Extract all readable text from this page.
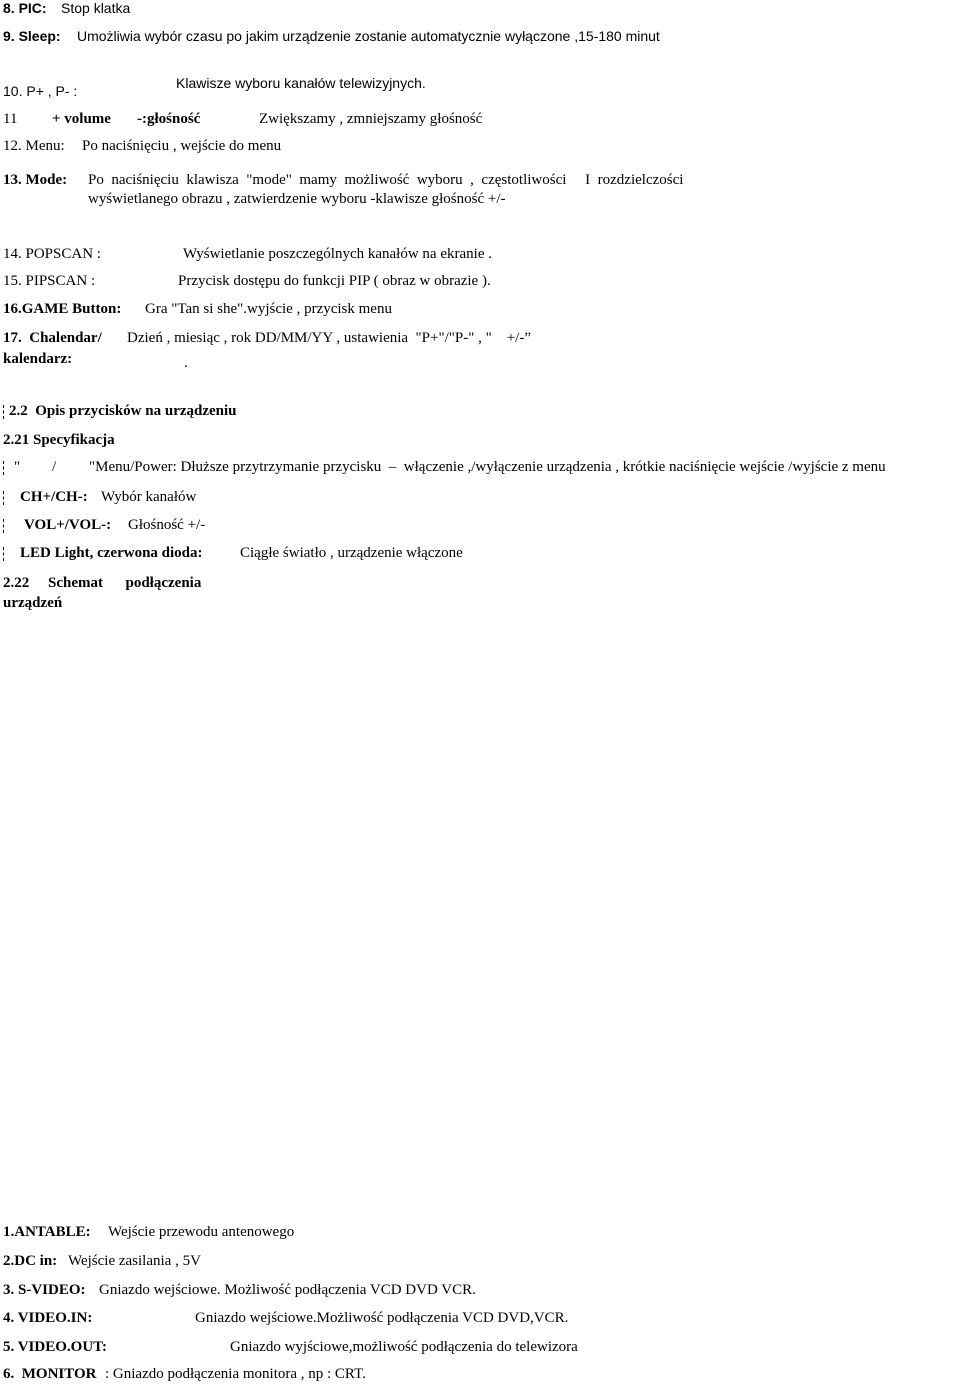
8. PIC: Stop klatka
9. Sleep: Umożliwia wybór czasu po jakim urządzenie zostanie automatycznie wyłączone ,15-180 minut
10. P+ , P- :	Klawisze wyboru kanałów telewizyjnych.
11 + volume -:głośność	Zwiększamy , zmniejszamy głośność
12. Menu: Po naciśnięciu , wejście do menu
13. Mode: Po  naciśnięciu  klawisza  "mode"  mamy  możliwość  wyboru  ,  częstotliwości     I  rozdzielczości
wyświetlanego obrazu , zatwierdzenie wyboru -klawisze głośność +/-
14. POPSCAN :	Wyświetlanie poszczególnych kanałów na ekranie .
15. PIPSCAN :	Przycisk dostępu do funkcji PIP ( obraz w obrazie ).
16.GAME Button: Gra "Tan si she".wyjście , przycisk menu
17.  Chalendar/
kalendarz:
Dzień , miesiąc , rok DD/MM/YY , ustawienia  "P+"/"P-" , "    +/-”
.
2.2  Opis przycisków na urządzeniu
2.21 Specyfikacja
" / "Menu/Power: Dłuższe przytrzymanie przycisku  –  włączenie ,/wyłączenie urządzenia , krótkie naciśnięcie wejście /wyjście z menu
CH+/CH-: Wybór kanałów
VOL+/VOL-: Głośność +/-
LED Light, czerwona dioda: Ciągłe światło , urządzenie włączone
2.22     Schemat      podłączenia
urządzeń
1.ANTABLE: Wejście przewodu antenowego
2.DC in: Wejście zasilania , 5V
3. S-VIDEO: Gniazdo wejściowe. Możliwość podłączenia VCD DVD VCR.
4. VIDEO.IN:	Gniazdo wejściowe.Możliwość podłączenia VCD DVD,VCR.
5. VIDEO.OUT:	Gniazdo wyjściowe,możliwość podłączenia do telewizora
6.  MONITOR : Gniazdo podłączenia monitora , np : CRT.
